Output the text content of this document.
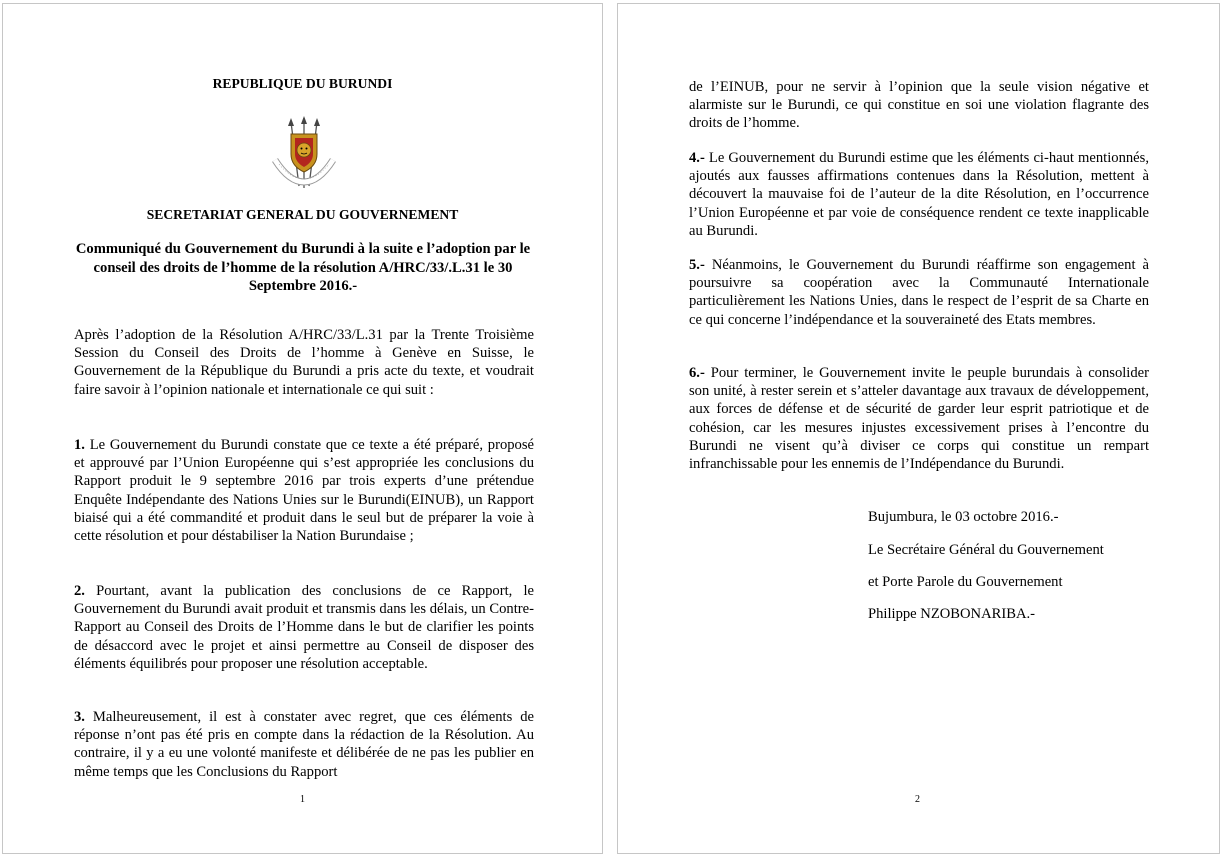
REPUBLIQUE DU BURUNDI
SECRETARIAT GENERAL DU GOUVERNEMENT
Communiqué du Gouvernement du Burundi à la suite e l’adoption par le conseil des droits de l’homme de la résolution A/HRC/33/.L.31 le 30 Septembre 2016.-

Après l’adoption de la Résolution A/HRC/33/L.31 par la Trente Troisième Session du Conseil des Droits de l’homme à Genève en Suisse, le Gouvernement de la République du Burundi a pris acte du texte, et voudrait faire savoir à l’opinion nationale et internationale ce qui suit :

1. Le Gouvernement du Burundi constate que ce texte a été préparé, proposé et approuvé par l’Union Européenne qui s’est appropriée les conclusions du Rapport produit le 9 septembre 2016 par trois experts d’une prétendue Enquête Indépendante des Nations Unies sur le Burundi(EINUB), un Rapport biaisé qui a été commandité et produit dans le seul but de préparer la voie à cette résolution et pour déstabiliser la Nation Burundaise ;

2. Pourtant, avant la publication des conclusions de ce Rapport, le Gouvernement du Burundi avait produit et transmis dans les délais, un Contre-Rapport au Conseil des Droits de l’Homme dans le but de clarifier les points de désaccord avec le projet et ainsi permettre au Conseil de disposer des éléments équilibrés pour proposer une résolution acceptable.

3. Malheureusement, il est à constater avec regret, que ces éléments de réponse n’ont pas été pris en compte dans la rédaction de la Résolution. Au contraire, il y a eu une volonté manifeste et délibérée de ne pas les publier en même temps que les Conclusions du Rapport

1

de l’EINUB, pour ne servir à l’opinion que la seule vision négative et alarmiste sur le Burundi, ce qui constitue en soi une violation flagrante des droits de l’homme.

4.- Le Gouvernement du Burundi estime que les éléments ci-haut mentionnés, ajoutés aux fausses affirmations contenues dans la Résolution, mettent à découvert la mauvaise foi de l’auteur de la dite Résolution, en l’occurrence l’Union Européenne et par voie de conséquence rendent ce texte inapplicable au Burundi.

5.- Néanmoins, le Gouvernement du Burundi réaffirme son engagement à poursuivre sa coopération avec la Communauté Internationale particulièrement les Nations Unies, dans le respect de l’esprit de sa Charte en ce qui concerne l’indépendance et la souveraineté des Etats membres.

6.- Pour terminer, le Gouvernement invite le peuple burundais à consolider son unité, à rester serein et s’atteler davantage aux travaux de développement, aux forces de défense et de sécurité de garder leur esprit patriotique et de cohésion, car les mesures injustes excessivement prises à l’encontre du Burundi ne visent qu’à diviser ce corps qui constitue un rempart infranchissable pour les ennemis de l’Indépendance du Burundi.

Bujumbura, le 03 octobre 2016.-
Le Secrétaire Général du Gouvernement
et Porte Parole du Gouvernement
Philippe NZOBONARIBA.-
2
